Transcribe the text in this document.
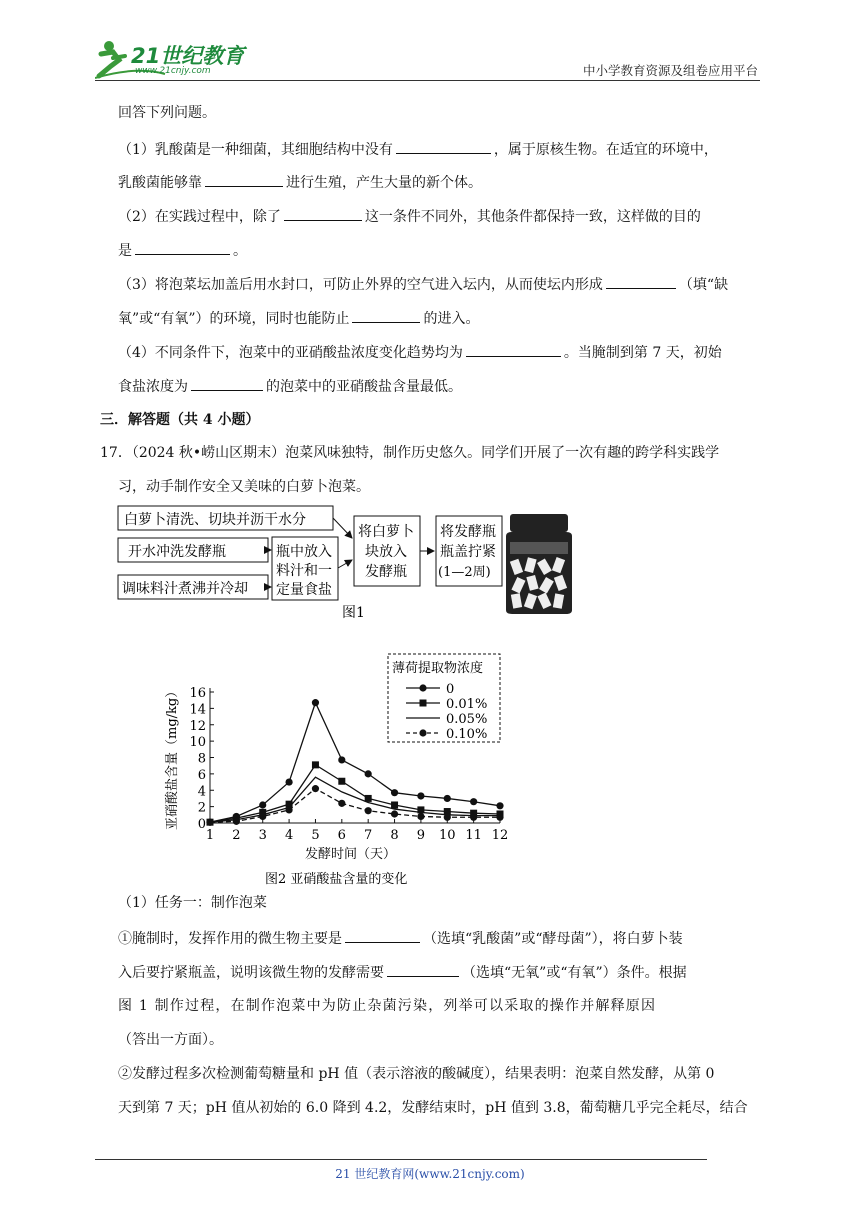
21世纪教育
www.21cnjy.com	中小学教育资源及组卷应用平台
回答下列问题。
（1）乳酸菌是一种细菌，其细胞结构中没有	，属于原核生物。在适宜的环境中，
乳酸菌能够靠	进行生殖，产生大量的新个体。
（2）在实践过程中，除了	这一条件不同外，其他条件都保持一致，这样做的目的
是	。
（3）将泡菜坛加盖后用水封口，可防止外界的空气进入坛内，从而使坛内形成	（填“缺
氧”或“有氧”）的环境，同时也能防止	的进入。
（4）不同条件下，泡菜中的亚硝酸盐浓度变化趋势均为	。当腌制到第 7 天，初始
食盐浓度为	的泡菜中的亚硝酸盐含量最低。
三．解答题（共 4 小题）
17．（2024 秋•崂山区期末）泡菜风味独特，制作历史悠久。同学们开展了一次有趣的跨学科实践学
习，动手制作安全又美味的白萝卜泡菜。
白萝卜清洗、切块并沥干水分
开水冲洗发酵瓶
调味料汁煮沸并冷却
瓶中放入
料汁和一
定量食盐
将白萝卜
块放入
发酵瓶
将发酵瓶
瓶盖拧紧
(1—2周)
图1
1 2 3 4 5 6 7 8 9 10 11 12
0
2
4
6
8
10
12
14
16
亚硝酸盐含量（mg/kg）
发酵时间（天）
图2 亚硝酸盐含量的变化
薄荷提取物浓度
0
0.01%
0.05%
0.10%
（1）任务一：制作泡菜
①腌制时，发挥作用的微生物主要是	（选填“乳酸菌”或“酵母菌”），将白萝卜装
入后要拧紧瓶盖，说明该微生物的发酵需要	（选填“无氧”或“有氧”）条件。根据
图 1 制作过程，在制作泡菜中为防止杂菌污染，列举可以采取的操作并解释原因
（答出一方面）。
②发酵过程多次检测葡萄糖量和 pH 值（表示溶液的酸碱度），结果表明：泡菜自然发酵，从第 0
天到第 7 天；pH 值从初始的 6.0 降到 4.2，发酵结束时，pH 值到 3.8，葡萄糖几乎完全耗尽，结合
21 世纪教育网(www.21cnjy.com)
